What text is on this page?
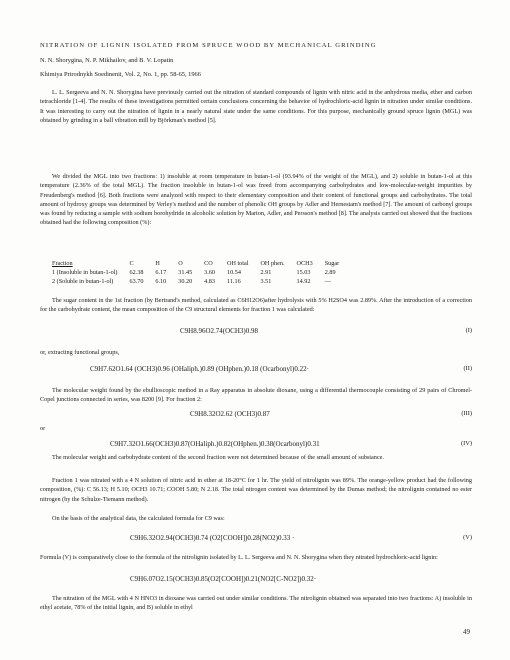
NITRATION OF LIGNIN ISOLATED FROM SPRUCE WOOD BY MECHANICAL GRINDING
N. N. Shorygina, N. P. Mikhailov, and B. V. Lopatin
Khimiya Prirodnykh Soedinenii, Vol. 2, No. 1, pp. 58-65, 1966

L. L. Sergeeva and N. N. Shorygina have previously carried out the nitration of standard compounds of lignin with nitric acid in the anhydrous media, ether and carbon tetrachloride [1-4]. The results of these investigations permitted certain conclusions concerning the behavior of hydrochloric-acid lignin in nitration under similar conditions. It was interesting to carry out the nitration of lignin in a nearly natural state under the same conditions. For this purpose, mechanically ground spruce lignin (MGL) was obtained by grinding in a ball vibration mill by Björkman's method [5].

We divided the MGL into two fractions: 1) insoluble at room temperature in butan-1-ol (93.94% of the weight of the MGL), and 2) soluble in butan-1-ol at this temperature (2.36% of the total MGL). The fraction insoluble in butan-1-ol was freed from accompanying carbohydrates and low-molecular-weight impurities by Freudenberg's method [6]. Both fractions were analyzed with respect to their elementary composition and their content of functional groups and carbohydrates. The total amount of hydroxy groups was determined by Verley's method and the number of phenolic OH groups by Adler and Hernestam's method [7]. The amount of carbonyl groups was found by reducing a sample with sodium borohydride in alcoholic solution by Marton, Adler, and Persson's method [8]. The analysis carried out showed that the fractions obtained had the following composition (%):

Fraction	C	H	O	CO	OH total	OH phen.	OCH3	Sugar
1 (Insoluble in butan-1-ol)	62.38	6.17	31.45	3.60	10.54	2.91	15.03	2.89
2 (Soluble in butan-1-ol)	63.70	6.10	30.20	4.83	11.16	3.51	14.92	—

The sugar content in the 1st fraction (by Bertrand's method, calculated as C6H12O6)after hydrolysis with 5% H2SO4 was 2.89%. After the introduction of a correction for the carbohydrate content, the mean composition of the C9 structural elements for fraction 1 was calculated:

C9H8.96O2.74(OCH3)0.98	(I)

or, extracting functional groups,

C9H7.62O1.64 (OCH3)0.96 (OHaliph.)0.89 (OHphen.)0.18 (Ocarbonyl)0.22·	(II)

The molecular weight found by the ebullioscopic method in a Ray apparatus in absolute dioxane, using a differential thermocouple consisting of 29 pairs of Chromel-Copel junctions connected in series, was 8200 [9]. For fraction 2:

C9H8.32O2.62 (OCH3)0.87	(III)

or

C9H7.32O1.66(OCH3)0.87(OHaliph.)0.82(OHphen.)0.38(Ocarbonyl)0.31	(IV)

The molecular weight and carbohydrate content of the second fraction were not determined because of the small amount of substance.

Fraction 1 was nitrated with a 4 N solution of nitric acid in ether at 18-20°C for 1 hr. The yield of nitrolignin was 89%. The orange-yellow product had the following composition, (%): C 56.13; H 5.10; OCH3 10.71; COOH 5.80; N 2.18. The total nitrogen content was determined by the Dumas method; the nitrolignin contained no ester nitrogen (by the Schulze-Tiemann method).

On the basis of the analytical data, the calculated formula for C9 was:

C9H6.32O2.94(OCH3)0.74 (O2[COOH])0.28(NO2)0.33 ·	(V)

Formula (V) is comparatively close to the formula of the nitrolignin isolated by L. L. Sergeeva and N. N. Shorygina when they nitrated hydrochloric-acid lignin:

C9H6.07O2.15(OCH3)0.85(O2[COOH])0.21(NO2[C-NO2])0.32·

The nitration of the MGL with 4 N HNO3 in dioxane was carried out under similar conditions. The nitrolignin obtained was separated into two fractions: A) insoluble in ethyl acetate, 78% of the initial lignin, and B) soluble in ethyl

49
